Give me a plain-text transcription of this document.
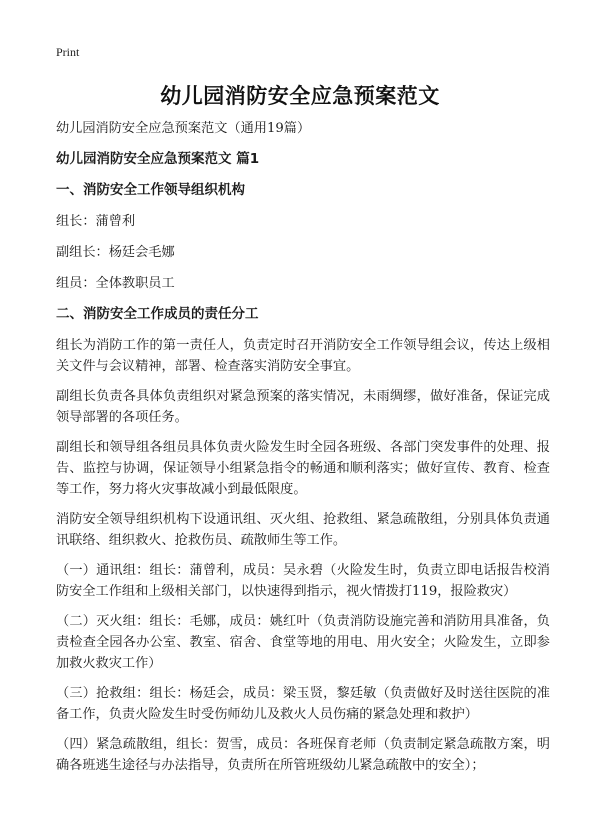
Print
幼儿园消防安全应急预案范文

幼儿园消防安全应急预案范文（通用19篇）

幼儿园消防安全应急预案范文 篇1

一、消防安全工作领导组织机构

组长：蒲曾利

副组长：杨廷会毛娜

组员：全体教职员工

二、消防安全工作成员的责任分工

组长为消防工作的第一责任人，负责定时召开消防安全工作领导组会议，传达上级相关文件与会议精神，部署、检查落实消防安全事宜。

副组长负责各具体负责组织对紧急预案的落实情况，未雨绸缪，做好准备，保证完成领导部署的各项任务。

副组长和领导组各组员具体负责火险发生时全园各班级、各部门突发事件的处理、报告、监控与协调，保证领导小组紧急指令的畅通和顺利落实；做好宣传、教育、检查等工作，努力将火灾事故减小到最低限度。

消防安全领导组织机构下设通讯组、灭火组、抢救组、紧急疏散组，分别具体负责通讯联络、组织救火、抢救伤员、疏散师生等工作。

（一）通讯组：组长：蒲曾利，成员：吴永碧（火险发生时，负责立即电话报告校消防安全工作组和上级相关部门，以快速得到指示，视火情拨打119，报险救灾）

（二）灭火组：组长：毛娜，成员：姚红叶（负责消防设施完善和消防用具准备，负责检查全园各办公室、教室、宿舍、食堂等地的用电、用火安全；火险发生，立即参加救火救灾工作）

（三）抢救组：组长：杨廷会，成员：梁玉贤，黎廷敏（负责做好及时送往医院的准备工作，负责火险发生时受伤师幼儿及救火人员伤痛的紧急处理和救护）

（四）紧急疏散组，组长：贺雪，成员：各班保育老师（负责制定紧急疏散方案，明确各班逃生途径与办法指导，负责所在所管班级幼儿紧急疏散中的安全）；
